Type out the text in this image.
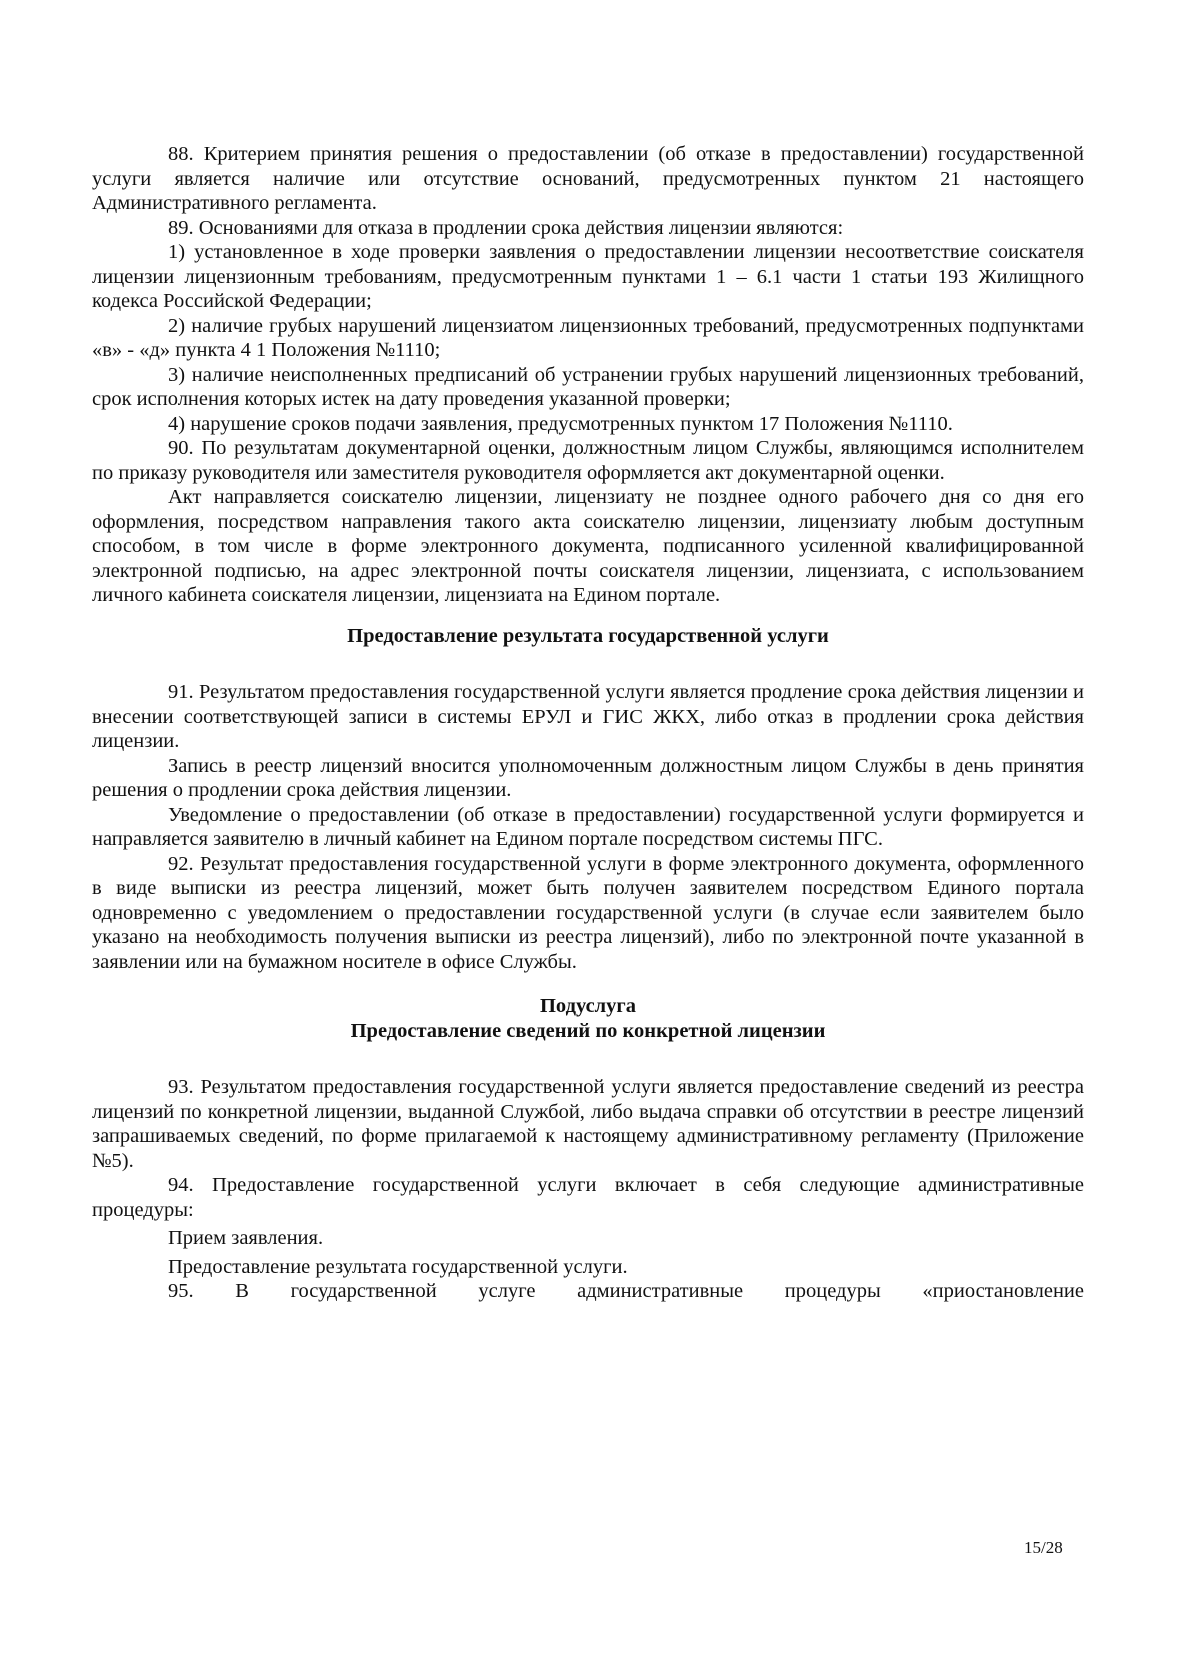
88. Критерием принятия решения о предоставлении (об отказе в предоставлении) государственной услуги является наличие или отсутствие оснований, предусмотренных пунктом 21 настоящего Административного регламента.

89. Основаниями для отказа в продлении срока действия лицензии являются:

1) установленное в ходе проверки заявления о предоставлении лицензии несоответствие соискателя лицензии лицензионным требованиям, предусмотренным пунктами 1 – 6.1 части 1 статьи 193 Жилищного кодекса Российской Федерации;

2) наличие грубых нарушений лицензиатом лицензионных требований, предусмотренных подпунктами «в» - «д» пункта 4 1 Положения №1110;

3) наличие неисполненных предписаний об устранении грубых нарушений лицензионных требований, срок исполнения которых истек на дату проведения указанной проверки;

4) нарушение сроков подачи заявления, предусмотренных пунктом 17 Положения №1110.

90. По результатам документарной оценки, должностным лицом Службы, являющимся исполнителем по приказу руководителя или заместителя руководителя оформляется акт документарной оценки.

Акт направляется соискателю лицензии, лицензиату не позднее одного рабочего дня со дня его оформления, посредством направления такого акта соискателю лицензии, лицензиату любым доступным способом, в том числе в форме электронного документа, подписанного усиленной квалифицированной электронной подписью, на адрес электронной почты соискателя лицензии, лицензиата, с использованием личного кабинета соискателя лицензии, лицензиата на Едином портале.

Предоставление результата государственной услуги

91. Результатом предоставления государственной услуги является продление срока действия лицензии и внесении соответствующей записи в системы ЕРУЛ и ГИС ЖКХ, либо отказ в продлении срока действия лицензии.

Запись в реестр лицензий вносится уполномоченным должностным лицом Службы в день принятия решения о продлении срока действия лицензии.

Уведомление о предоставлении (об отказе в предоставлении) государственной услуги формируется и направляется заявителю в личный кабинет на Едином портале посредством системы ПГС.

92. Результат предоставления государственной услуги в форме электронного документа, оформленного в виде выписки из реестра лицензий, может быть получен заявителем посредством Единого портала одновременно с уведомлением о предоставлении государственной услуги (в случае если заявителем было указано на необходимость получения выписки из реестра лицензий), либо по электронной почте указанной в заявлении или на бумажном носителе в офисе Службы.

Подуслуга

Предоставление сведений по конкретной лицензии

93. Результатом предоставления государственной услуги является предоставление сведений из реестра лицензий по конкретной лицензии, выданной Службой, либо выдача справки об отсутствии в реестре лицензий запрашиваемых сведений, по форме прилагаемой к настоящему административному регламенту (Приложение №5).

94. Предоставление государственной услуги включает в себя следующие административные процедуры:

Прием заявления.

Предоставление результата государственной услуги.

95. В государственной услуге административные процедуры «приостановление

15/28
